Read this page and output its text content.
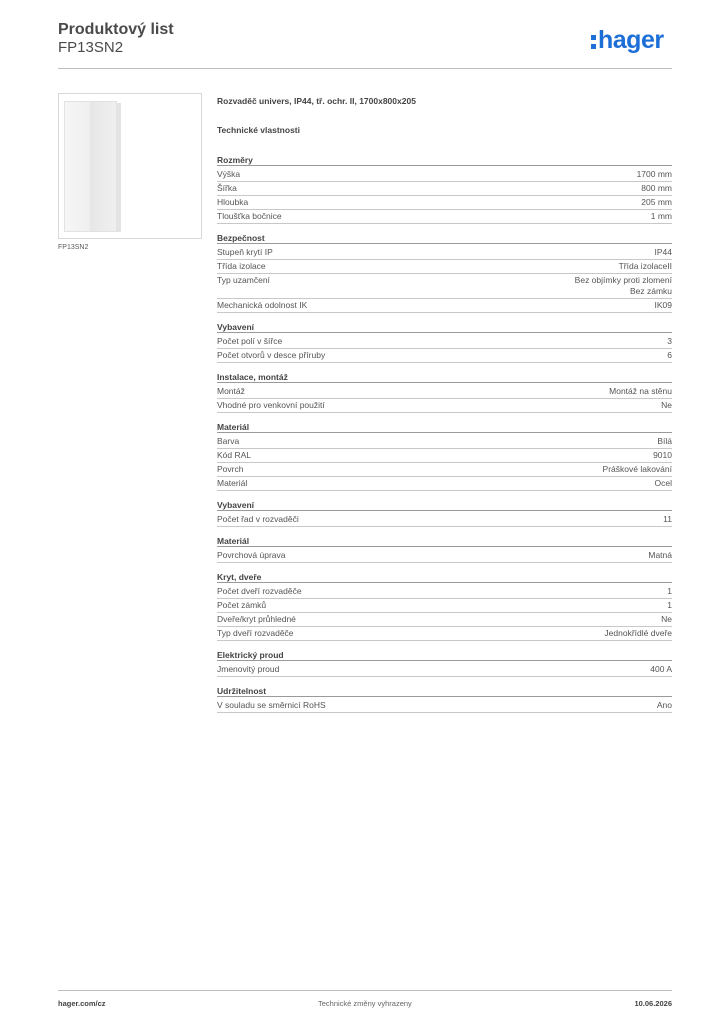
Produktový list
FP13SN2	hager
FP13SN2
Rozvaděč univers, IP44, tř. ochr. II, 1700x800x205
Technické vlastnosti
Rozměry
Výška	1700 mm
Šířka	800 mm
Hloubka	205 mm
Tloušťka bočnice	1 mm
Bezpečnost
Stupeň krytí IP	IP44
Třída izolace	Třída izolaceII
Typ uzamčení	Bez objímky proti zlomení
Bez zámku
Mechanická odolnost IK	IK09
Vybavení
Počet polí v šířce	3
Počet otvorů v desce příruby	6
Instalace, montáž
Montáž	Montáž na stěnu
Vhodné pro venkovní použití	Ne
Materiál
Barva	Bílá
Kód RAL	9010
Povrch	Práškové lakování
Materiál	Ocel
Vybavení
Počet řad v rozvaděči	11
Materiál
Povrchová úprava	Matná
Kryt, dveře
Počet dveří rozvaděče	1
Počet zámků	1
Dveře/kryt průhledné	Ne
Typ dveří rozvaděče	Jednokřídlé dveře
Elektrický proud
Jmenovitý proud	400 A
Udržitelnost
V souladu se směrnicí RoHS	Ano
hager.com/cz	Technické změny vyhrazeny	10.06.2026
